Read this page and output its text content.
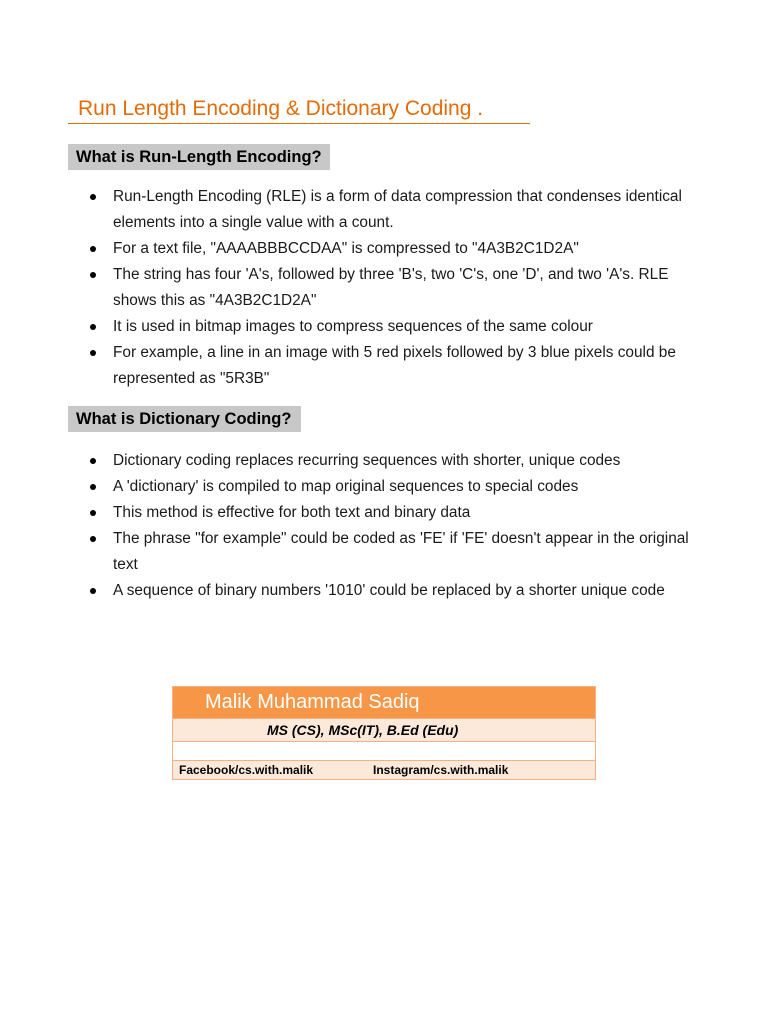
Run Length Encoding & Dictionary Coding .
What is Run-Length Encoding?
Run-Length Encoding (RLE) is a form of data compression that condenses identical elements into a single value with a count.
For a text file, "AAAABBBCCDAA" is compressed to "4A3B2C1D2A"
The string has four 'A's, followed by three 'B's, two 'C's, one 'D', and two 'A's. RLE shows this as "4A3B2C1D2A"
It is used in bitmap images to compress sequences of the same colour
For example, a line in an image with 5 red pixels followed by 3 blue pixels could be represented as "5R3B"
What is Dictionary Coding?
Dictionary coding replaces recurring sequences with shorter, unique codes
A 'dictionary' is compiled to map original sequences to special codes
This method is effective for both text and binary data
The phrase "for example" could be coded as 'FE' if 'FE' doesn't appear in the original text
A sequence of binary numbers '1010' could be replaced by a shorter unique code
Malik Muhammad Sadiq
MS (CS), MSc(IT), B.Ed (Edu)
Facebook/cs.with.malik	Instagram/cs.with.malik
